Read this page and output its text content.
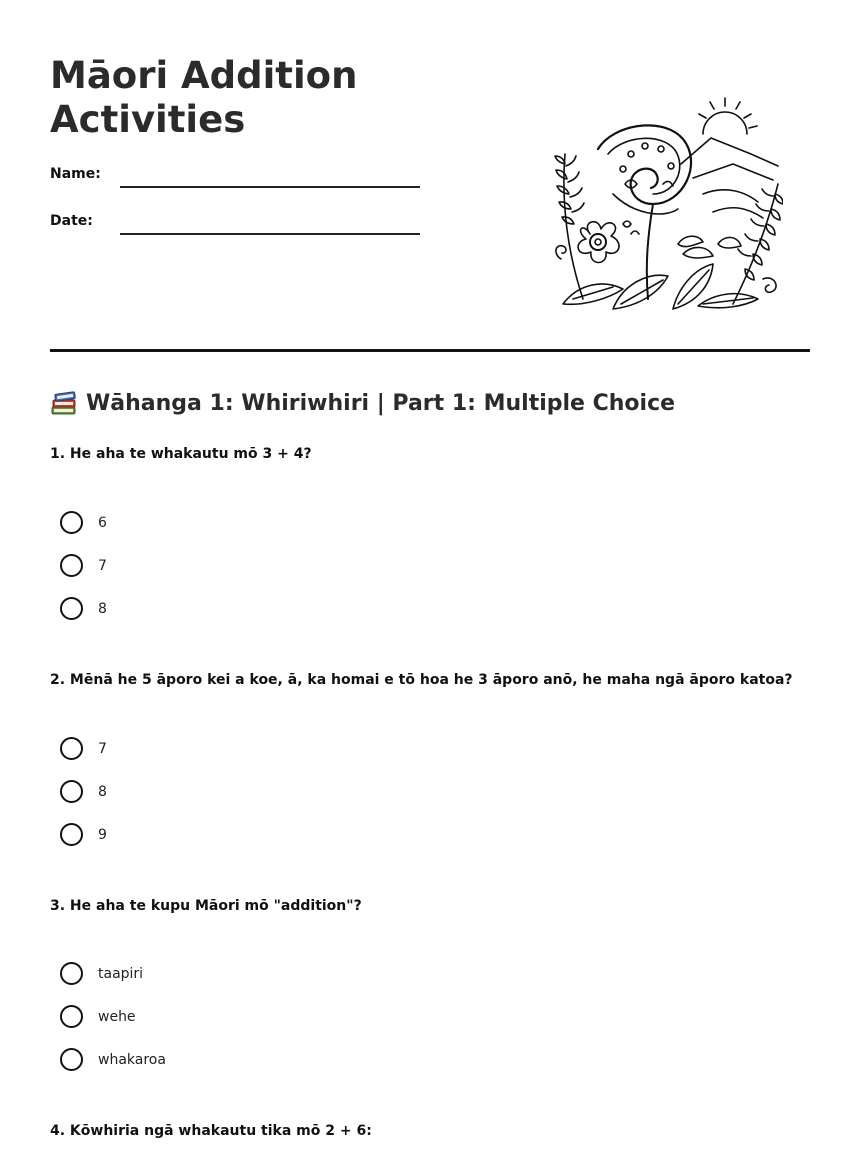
Māori Addition
Activities
Name:
Date:
Wāhanga 1: Whiriwhiri | Part 1: Multiple Choice
1. He aha te whakautu mō 3 + 4?
6
7
8
2. Mēnā he 5 āporo kei a koe, ā, ka homai e tō hoa he 3 āporo anō, he maha ngā āporo katoa?
7
8
9
3. He aha te kupu Māori mō "addition"?
taapiri
wehe
whakaroa
4. Kōwhiria ngā whakautu tika mō 2 + 6:
